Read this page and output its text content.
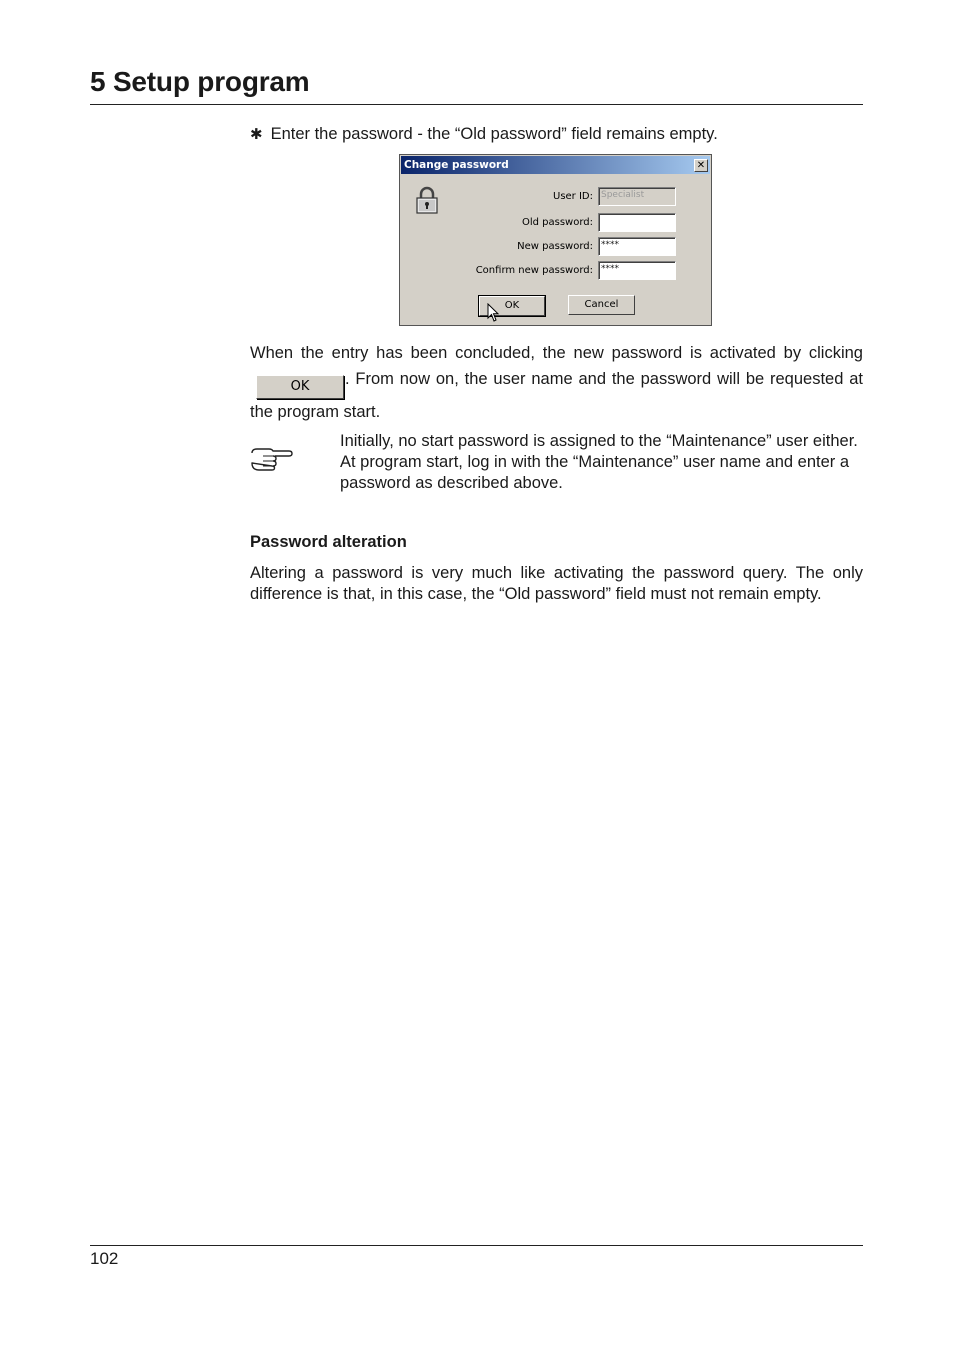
5 Setup program
✱ Enter the password - the “Old password” field remains empty.
Change password	✕
User ID: Specialist
Old password:
New password: ****
Confirm new password: ****
OK	Cancel
When the entry has been concluded, the new password is activated by clickingOK . From now on, the user name and the password will be requested at the program start.
Initially, no start password is assigned to the “Maintenance” user either. At program start, log in with the “Maintenance” user name and enter a password as described above.
Password alteration
Altering a password is very much like activating the password query. The only difference is that, in this case, the “Old password” field must not remain empty.
102
